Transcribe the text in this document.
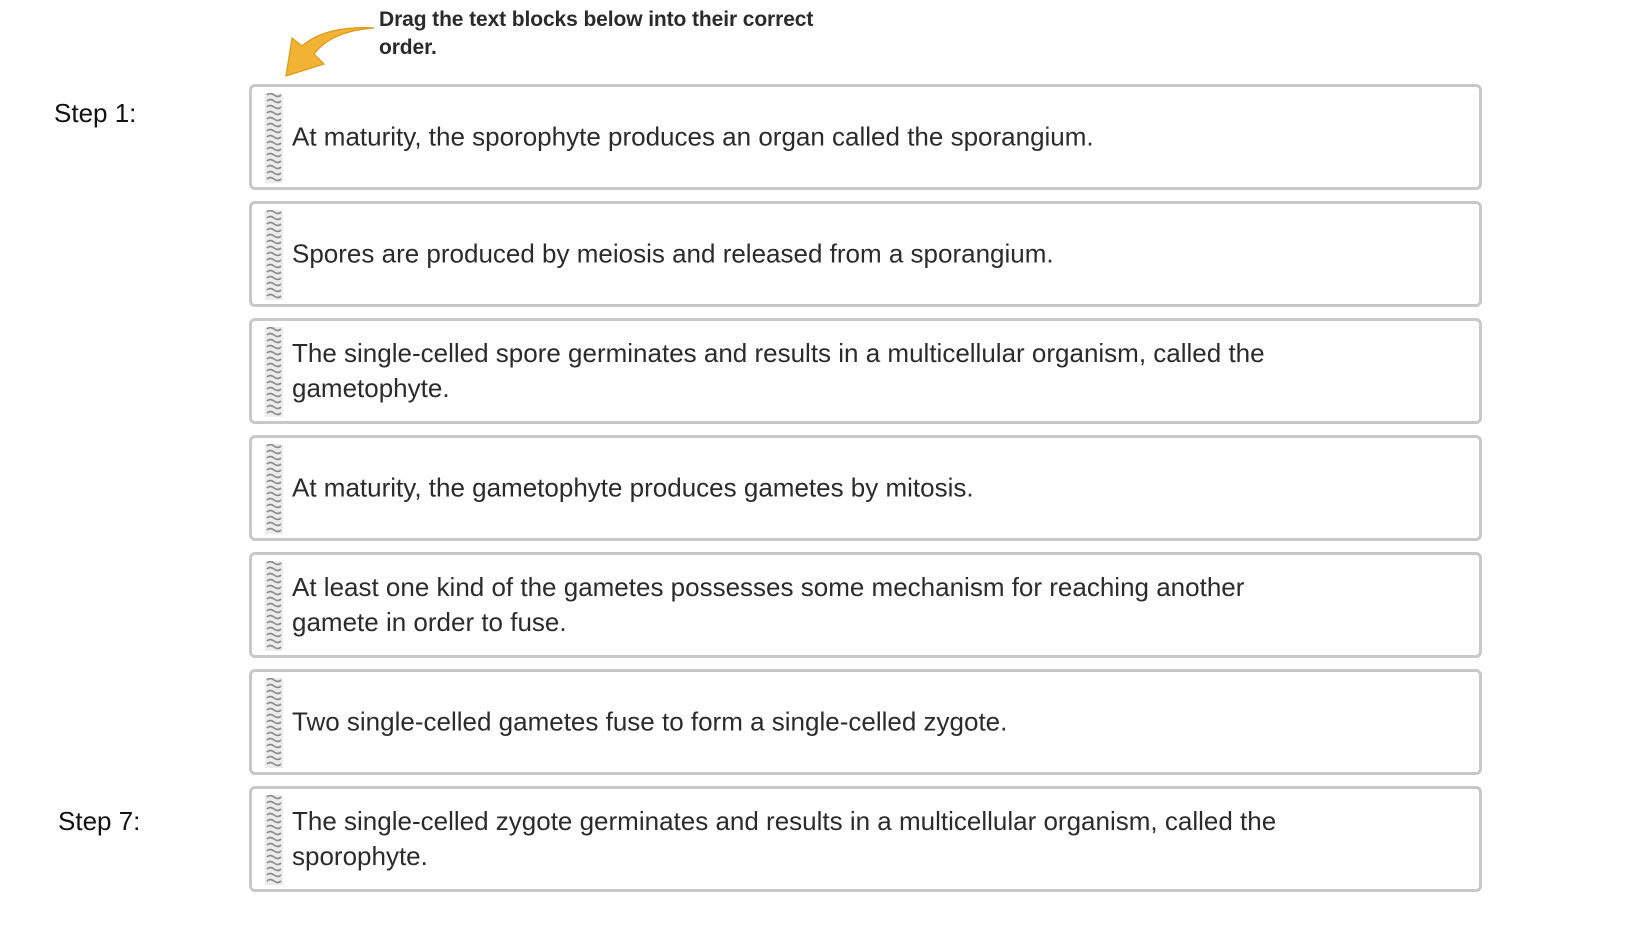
Drag the text blocks below into their correct order.
Step 1:
Step 7:
At maturity, the sporophyte produces an organ called the sporangium.
Spores are produced by meiosis and released from a sporangium.
The single-celled spore germinates and results in a multicellular organism, called the gametophyte.
At maturity, the gametophyte produces gametes by mitosis.
At least one kind of the gametes possesses some mechanism for reaching another gamete in order to fuse.
Two single-celled gametes fuse to form a single-celled zygote.
The single-celled zygote germinates and results in a multicellular organism, called the sporophyte.
